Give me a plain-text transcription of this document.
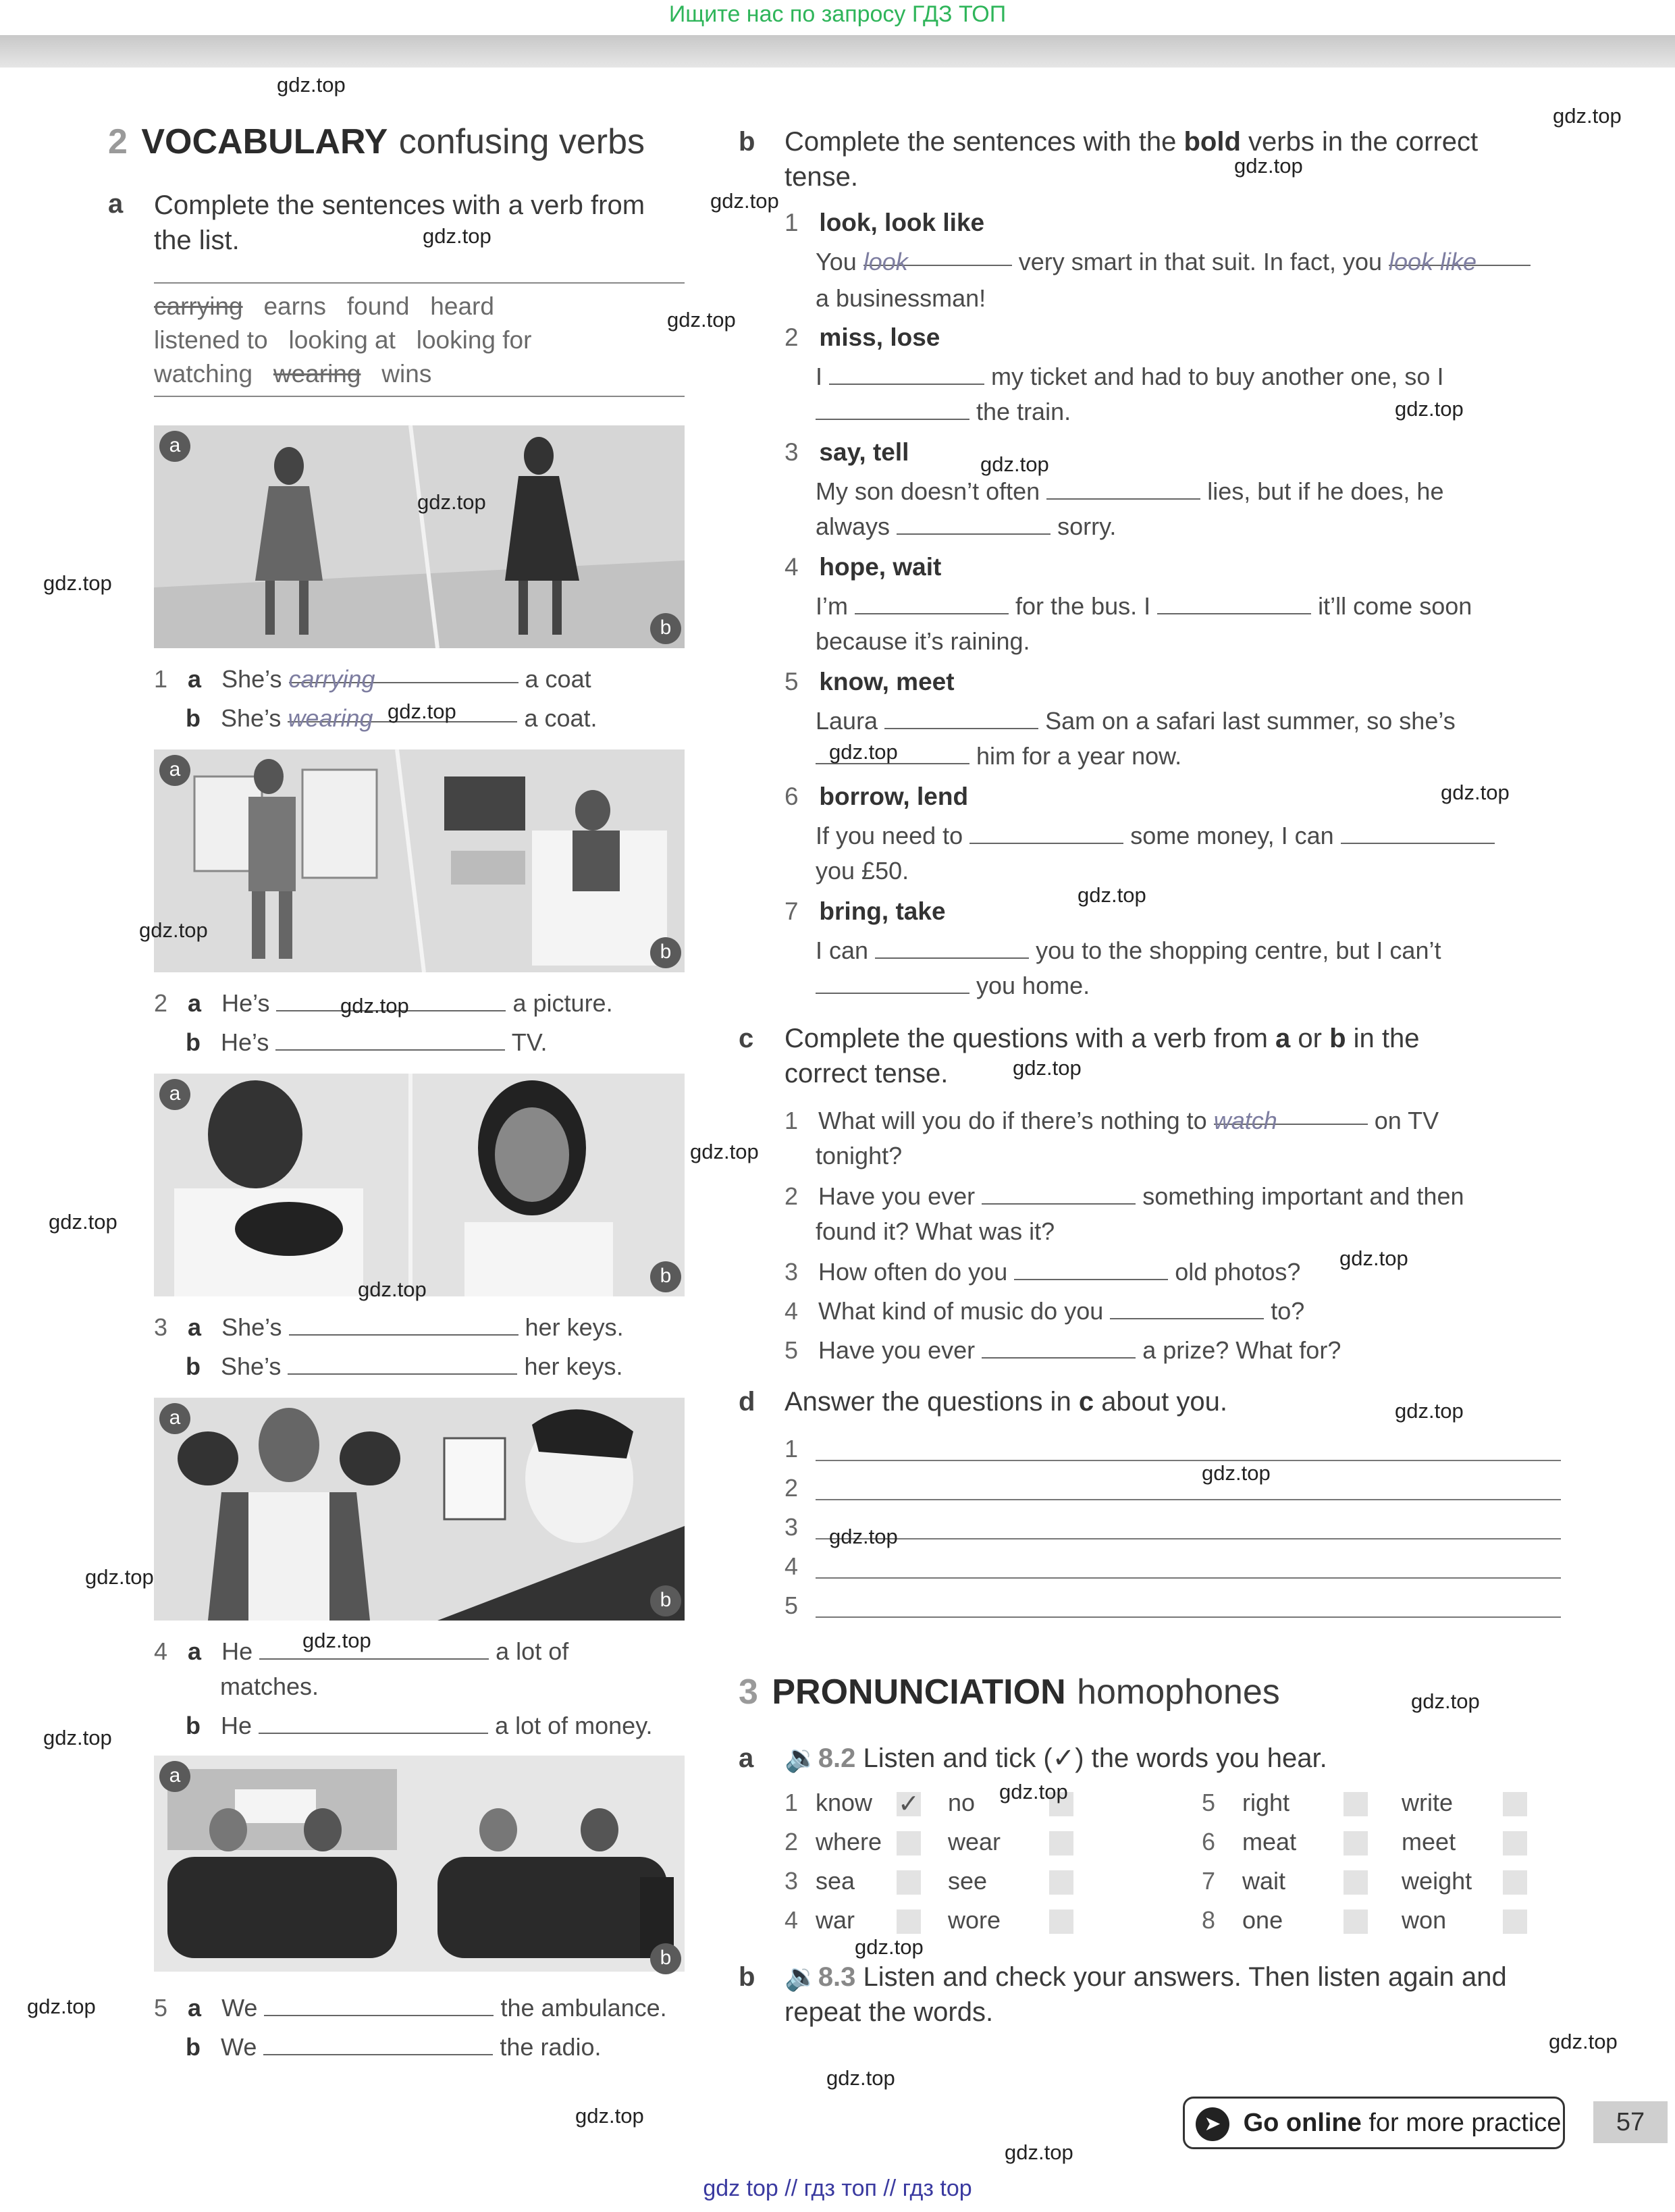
Ищите нас по запросу ГДЗ ТОП
2 VOCABULARY confusing verbs
a Complete the sentences with a verb from the list.
carrying earns found heard
listened to looking at looking for
watching wearing wins
a
b
1 a She’s carrying	a coat
b She’s wearing	a coat.
a
b
2 a He’s	a picture.
b He’s	TV.
a
b
3 a She’s	her keys.
b She’s	her keys.
a
b
4 a He	a lot of
matches.
b He	a lot of money.
a
b
5 a We	the ambulance.
b We	the radio.
b Complete the sentences with the bold verbs in the correct
tense.
1 look, look like
You look	very smart in that suit. In fact, you look like
a businessman!
2 miss, lose
I	my ticket and had to buy another one, so I
the train.
3 say, tell
My son doesn’t often	lies, but if he does, he
always	sorry.
4 hope, wait
I’m	for the bus. I	it’ll come soon
because it’s raining.
5 know, meet
Laura	Sam on a safari last summer, so she’s
him for a year now.
6 borrow, lend
If you need to	some money, I can
you £50.
7 bring, take
I can	you to the shopping centre, but I can’t
you home.
c Complete the questions with a verb from a or b in the
correct tense.
1 What will you do if there’s nothing to watch	on TV
tonight?
2 Have you ever	something important and then
found it? What was it?
3 How often do you	old photos?
4 What kind of music do you	to?
5 Have you ever	a prize? What for?
d Answer the questions in c about you.
1
2
3
4
5
3 PRONUNCIATION homophones
a 🔉8.2 Listen and tick (✓) the words you hear.
1 know ✓ no	5 right	write
2 where	wear	6 meat	meet
3 sea	see	7 wait	weight
4 war	wore	8 one	won
b 🔉8.3 Listen and check your answers. Then listen again and
repeat the words.
➤ Go online for more practice	57
gdz.top
gdz.top
gdz.top
gdz.top
gdz.top
gdz.top
gdz.top
gdz.top
gdz.top
gdz.top
gdz.top
gdz.top
gdz.top
gdz.top
gdz.top
gdz.top
gdz.top
gdz.top
gdz.top
gdz.top
gdz.top
gdz.top
gdz.top
gdz.top
gdz.top
gdz.top
gdz.top
gdz.top
gdz.top
gdz.top
gdz.top
gdz.top
gdz.top
gdz.top
gdz.top
gdz top // гдз топ // гдз top
